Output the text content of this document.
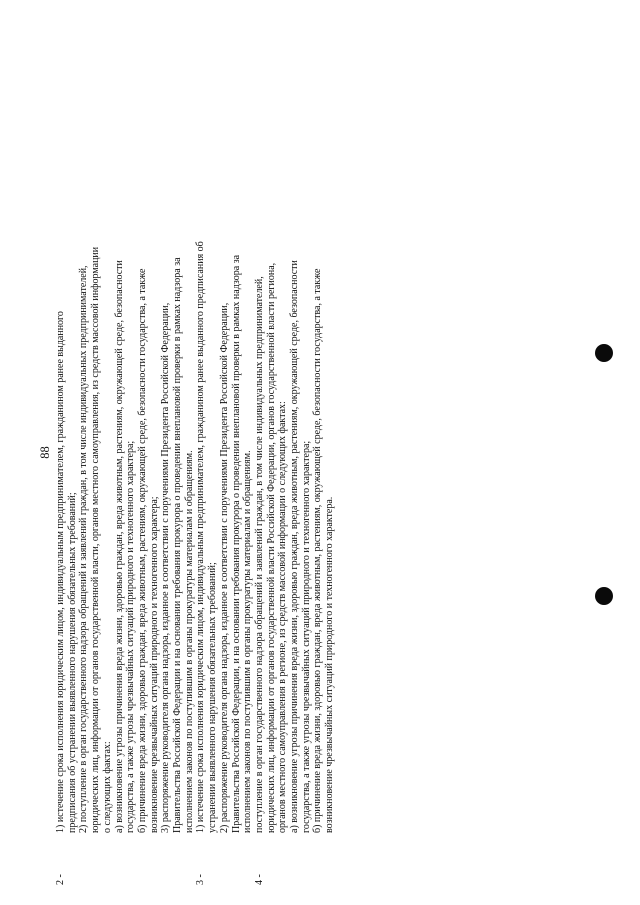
88
2 -
1) истечение срока исполнения юридическим лицом, индивидуальным предпринимателем, гражданином ранее выданного предписания об устранении выявленного нарушения обязательных требований; 2) поступление в орган государственного надзора обращений и заявлений граждан, в том числе индивидуальных предпринимателей, юридических лиц, информации от органов государственной власти, органов местного самоуправления, из средств массовой информации о следующих фактах: а) возникновение угрозы причинения вреда жизни, здоровью граждан, вреда животным, растениям, окружающей среде, безопасности государства, а также угрозы чрезвычайных ситуаций природного и техногенного характера; б) причинение вреда жизни, здоровью граждан, вреда животным, растениям, окружающей среде, безопасности государства, а также возникновение чрезвычайных ситуаций природного и техногенного характера; 3) распоряжение руководителя органа надзора, изданное в соответствии с поручениями Президента Российской Федерации, Правительства Российской Федерации и на основании требования прокурора о проведении внеплановой проверки в рамках надзора за исполнением законов по поступившим в органы прокуратуры материалам и обращениям.
3 -
1) истечение срока исполнения юридическим лицом, индивидуальным предпринимателем, гражданином ранее выданного предписания об устранении выявленного нарушения обязательных требований; 2) распоряжение руководителя органа надзора, изданное в соответствии с поручениями Президента Российской Федерации, Правительства Российской Федерации, и на основании требования прокурора о проведении внеплановой проверки в рамках надзора за исполнением законов по поступившим в органы прокуратуры материалам и обращениям.
4 -
поступление в орган государственного надзора обращений и заявлений граждан, в том числе индивидуальных предпринимателей, юридических лиц, информации от органов государственной власти Российской Федерации, органов государственной власти региона, органов местного самоуправления в регионе, из средств массовой информации о следующих фактах: а) возникновение угрозы причинения вреда жизни, здоровью граждан, вреда животным, растениям, окружающей среде, безопасности государства, а также угрозы чрезвычайных ситуаций природного и техногенного характера; б) причинение вреда жизни, здоровью граждан, вреда животным, растениям, окружающей среде, безопасности государства, а также возникновение чрезвычайных ситуаций природного и техногенного характера.
